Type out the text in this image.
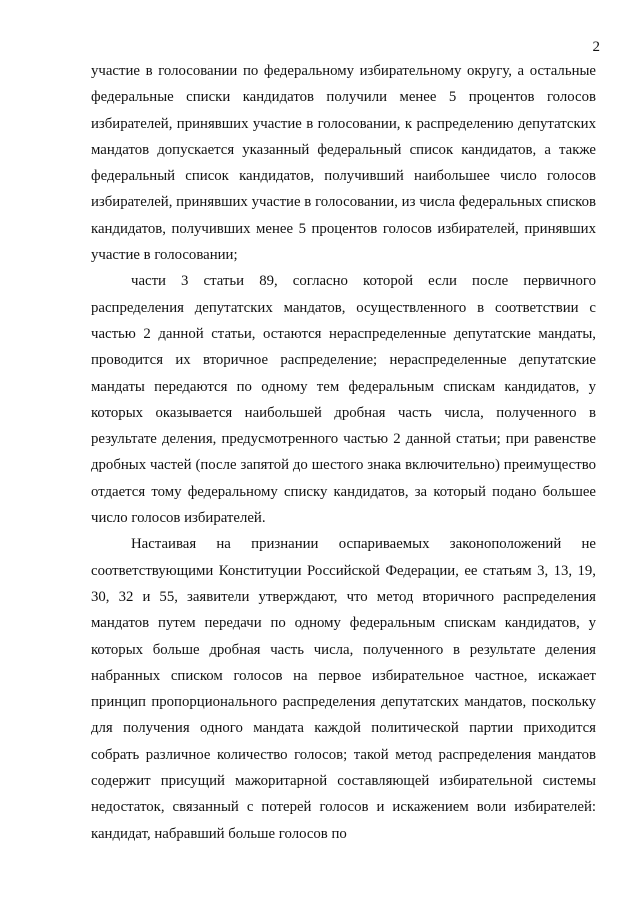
2

участие в голосовании по федеральному избирательному округу, а остальные федеральные списки кандидатов получили менее 5 процентов голосов избирателей, принявших участие в голосовании, к распределению депутатских мандатов допускается указанный федеральный список кандидатов, а также федеральный список кандидатов, получивший наибольшее число голосов избирателей, принявших участие в голосовании, из числа федеральных списков кандидатов, получивших менее 5 процентов голосов избирателей, принявших участие в голосовании;

части 3 статьи 89, согласно которой если после первичного распределения депутатских мандатов, осуществленного в соответствии с частью 2 данной статьи, остаются нераспределенные депутатские мандаты, проводится их вторичное распределение; нераспределенные депутатские мандаты передаются по одному тем федеральным спискам кандидатов, у которых оказывается наибольшей дробная часть числа, полученного в результате деления, предусмотренного частью 2 данной статьи; при равенстве дробных частей (после запятой до шестого знака включительно) преимущество отдается тому федеральному списку кандидатов, за который подано большее число голосов избирателей.

Настаивая на признании оспариваемых законоположений не соответствующими Конституции Российской Федерации, ее статьям 3, 13, 19, 30, 32 и 55, заявители утверждают, что метод вторичного распределения мандатов путем передачи по одному федеральным спискам кандидатов, у которых больше дробная часть числа, полученного в результате деления набранных списком голосов на первое избирательное частное, искажает принцип пропорционального распределения депутатских мандатов, поскольку для получения одного мандата каждой политической партии приходится собрать различное количество голосов; такой метод распределения мандатов содержит присущий мажоритарной составляющей избирательной системы недостаток, связанный с потерей голосов и искажением воли избирателей: кандидат, набравший больше голосов по
